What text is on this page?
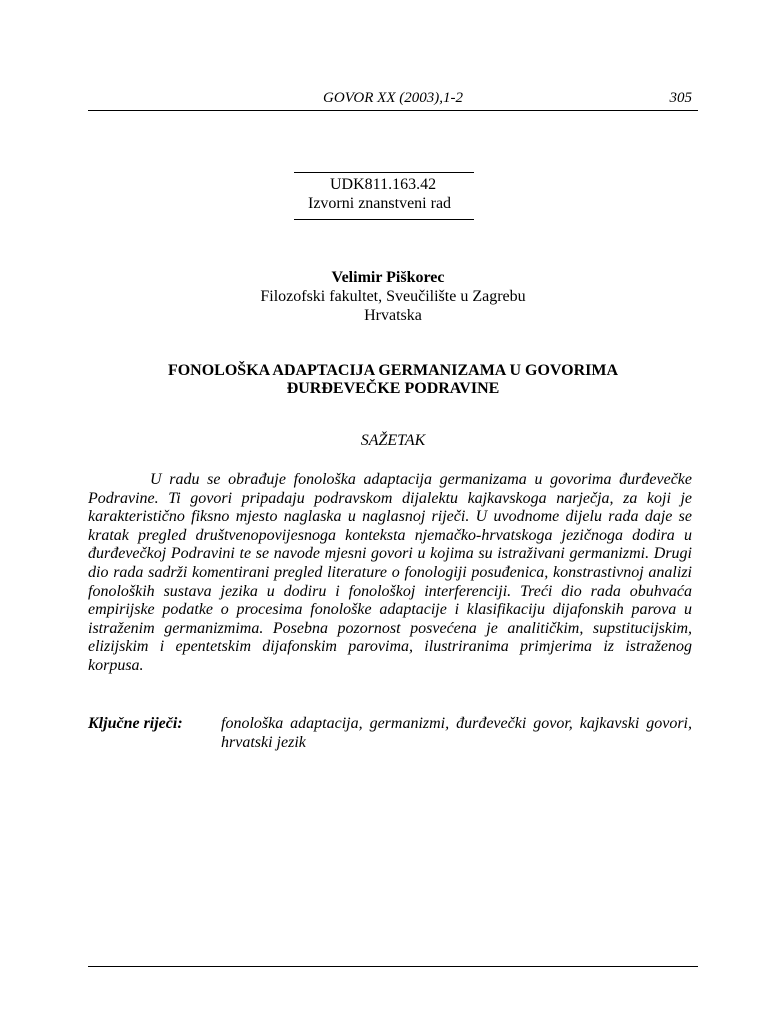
GOVOR XX (2003),1-2	305
UDK811.163.42
Izvorni znanstveni rad
Velimir Piškorec
Filozofski fakultet, Sveučilište u Zagrebu
Hrvatska
FONOLOŠKA ADAPTACIJA GERMANIZAMA U GOVORIMA
ĐURĐEVEČKE PODRAVINE
SAŽETAK

U radu se obrađuje fonološka adaptacija germanizama u govorima đurđevečke Podravine. Ti govori pripadaju podravskom dijalektu kajkavskoga narječja, za koji je karakteristično fiksno mjesto naglaska u naglasnoj riječi. U uvodnome dijelu rada daje se kratak pregled društvenopovijesnoga konteksta njemačko-hrvatskoga jezičnoga dodira u đurđevečkoj Podravini te se navode mjesni govori u kojima su istraživani germanizmi. Drugi dio rada sadrži komentirani pregled literature o fonologiji posuđenica, konstrastivnoj analizi fonoloških sustava jezika u dodiru i fonološkoj interferenciji. Treći dio rada obuhvaća empirijske podatke o procesima fonološke adaptacije i klasifikaciju dijafonskih parova u istraženim germanizmima. Posebna pozornost posvećena je analitičkim, supstitucijskim, elizijskim i epentetskim dijafonskim parovima, ilustriranima primjerima iz istraženog korpusa.

Ključne riječi: fonološka adaptacija, germanizmi, đurđevečki govor, kajkavski govori, hrvatski jezik
